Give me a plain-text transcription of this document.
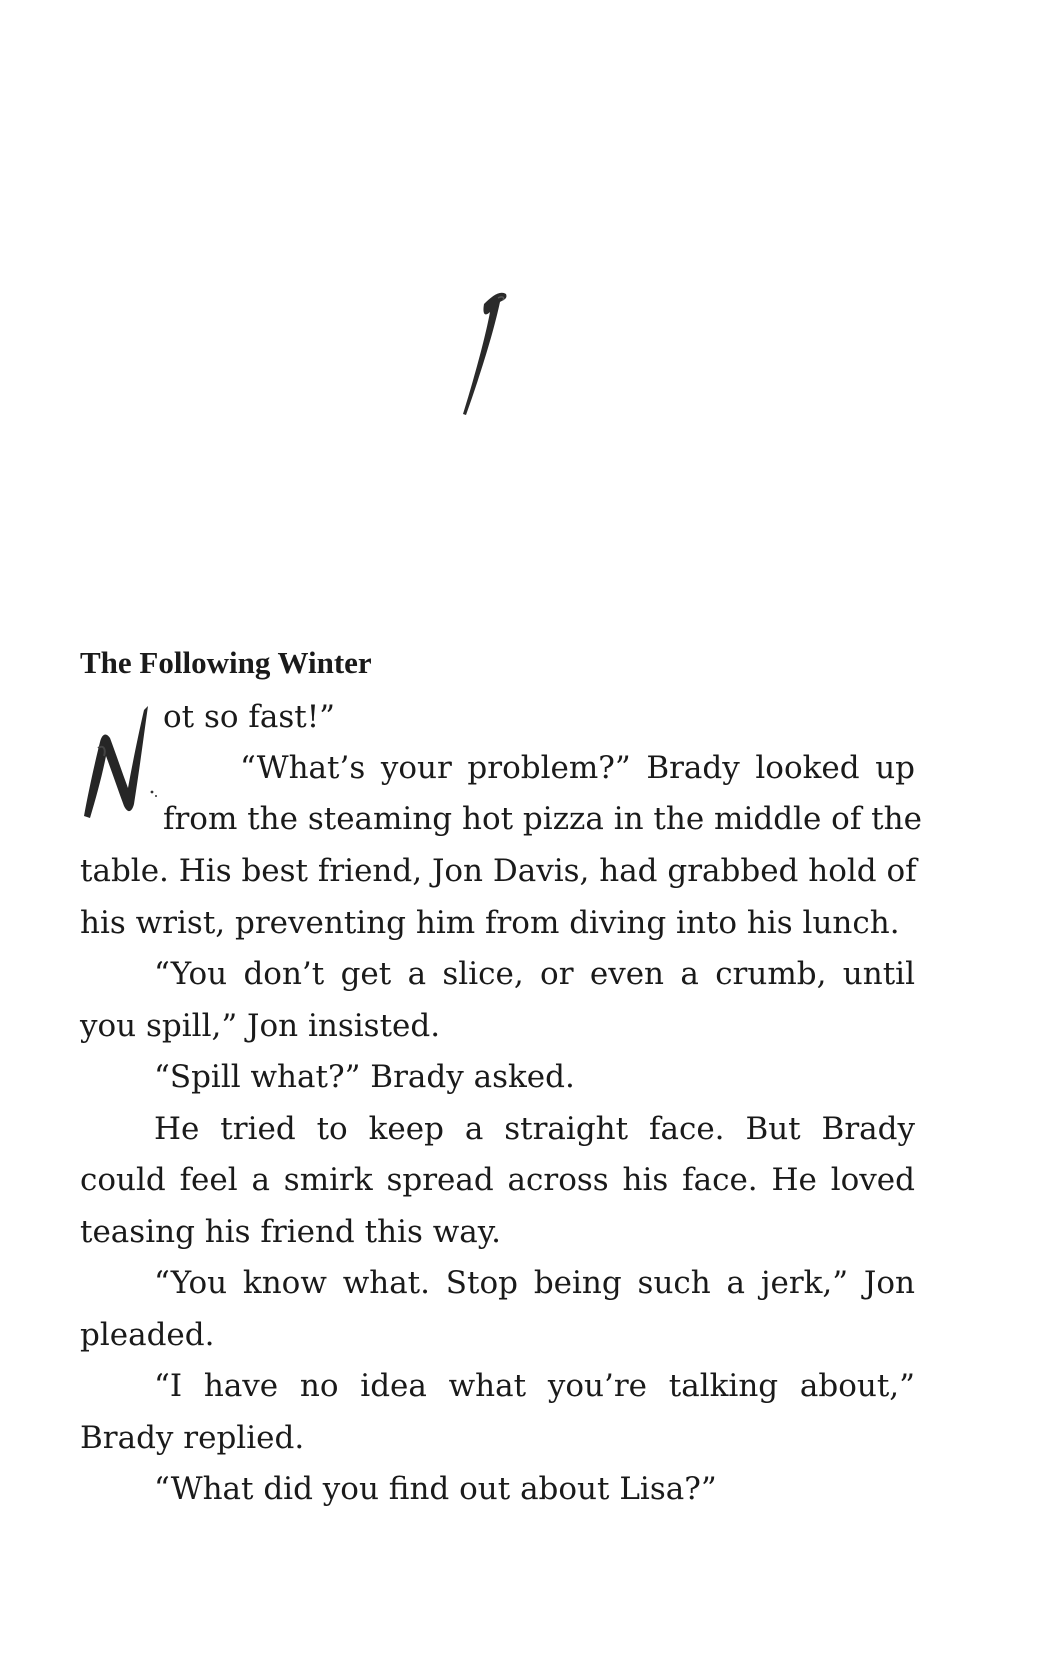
The Following Winter

ot so fast!”

“What’s your problem?” Brady looked up

from the steaming hot pizza in the middle of the

table. His best friend, Jon Davis, had grabbed hold of

his wrist, preventing him from diving into his lunch.

“You don’t get a slice, or even a crumb, until

you spill,” Jon insisted.

“Spill what?” Brady asked.

He tried to keep a straight face. But Brady

could feel a smirk spread across his face. He loved

teasing his friend this way.

“You know what. Stop being such a jerk,” Jon

pleaded.

“I have no idea what you’re talking about,”

Brady replied.

“What did you find out about Lisa?”
